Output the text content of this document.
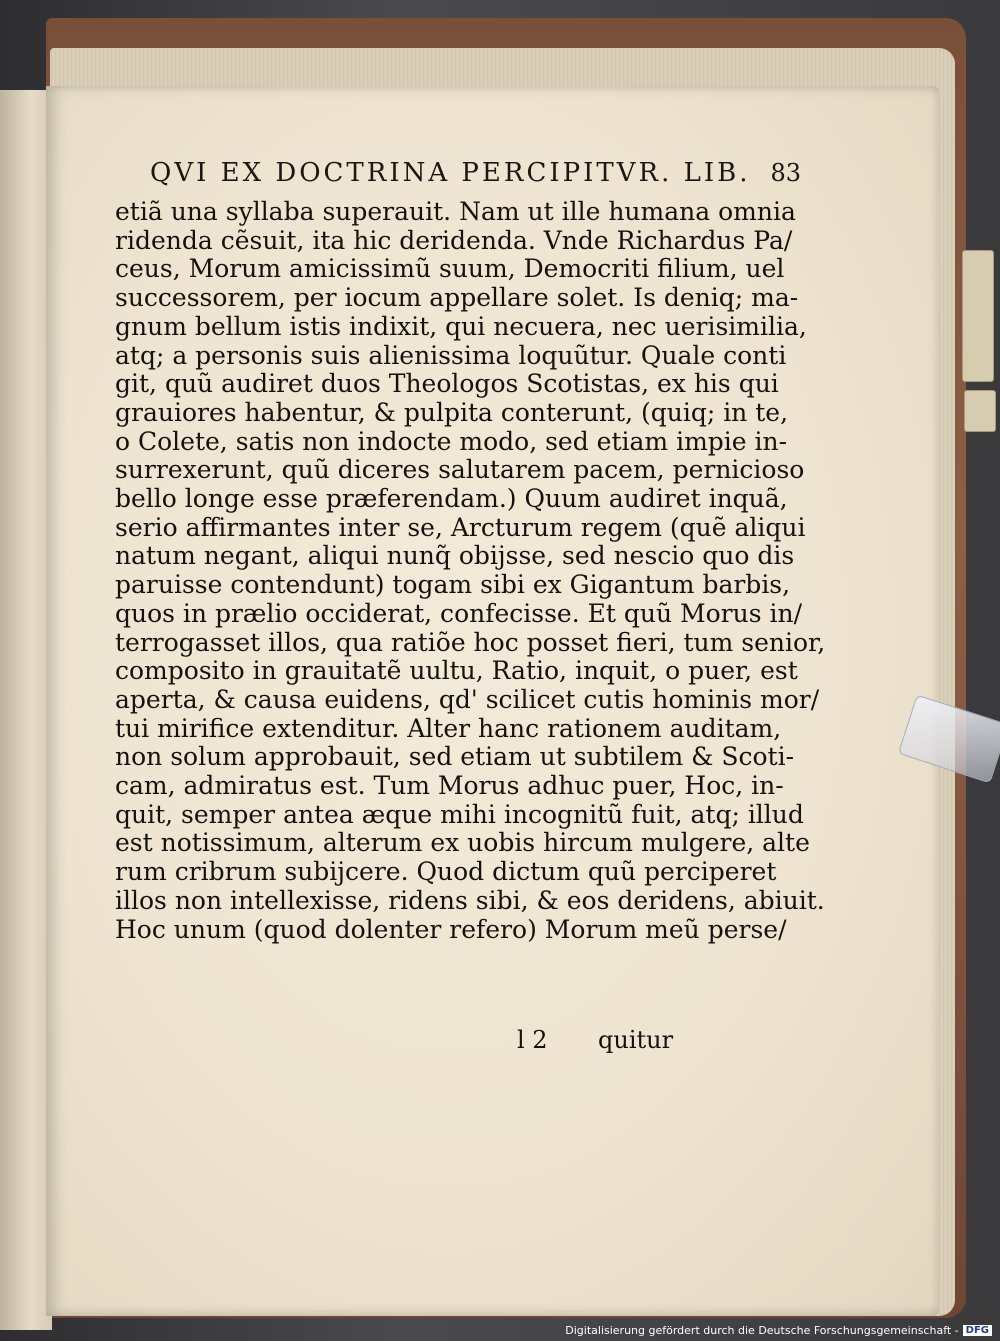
QVI EX DOCTRINA PERCIPITVR. LIB. 83
etiã una syllaba superauit. Nam ut ille humana omnia
ridenda cẽsuit, ita hic deridenda. Vnde Richardus Pa/
ceus, Morum amicissimũ suum, Democriti filium, uel
successorem, per iocum appellare solet. Is deniq; ma-
gnum bellum istis indixit, qui necuera, nec uerisimilia,
atq; a personis suis alienissima loquũtur. Quale conti
git, quũ audiret duos Theologos Scotistas, ex his qui
grauiores habentur, & pulpita conterunt, (quiq; in te,
o Colete, satis non indocte modo, sed etiam impie in-
surrexerunt, quũ diceres salutarem pacem, pernicioso
bello longe esse præferendam.) Quum audiret inquã,
serio affirmantes inter se, Arcturum regem (quẽ aliqui
natum negant, aliqui nunq̃ obijsse, sed nescio quo dis
paruisse contendunt) togam sibi ex Gigantum barbis,
quos in prælio occiderat, confecisse. Et quũ Morus in/
terrogasset illos, qua ratiõe hoc posset fieri, tum senior,
composito in grauitatẽ uultu, Ratio, inquit, o puer, est
aperta, & causa euidens, qd' scilicet cutis hominis mor/
tui mirifice extenditur. Alter hanc rationem auditam,
non solum approbauit, sed etiam ut subtilem & Scoti-
cam, admiratus est. Tum Morus adhuc puer, Hoc, in-
quit, semper antea æque mihi incognitũ fuit, atq; illud
est notissimum, alterum ex uobis hircum mulgere, alte
rum cribrum subijcere. Quod dictum quũ perciperet
illos non intellexisse, ridens sibi, & eos deridens, abiuit.
Hoc unum (quod dolenter refero) Morum meũ perse/
l 2 quitur
Digitalisierung gefördert durch die Deutsche Forschungsgemeinschaft - DFG
